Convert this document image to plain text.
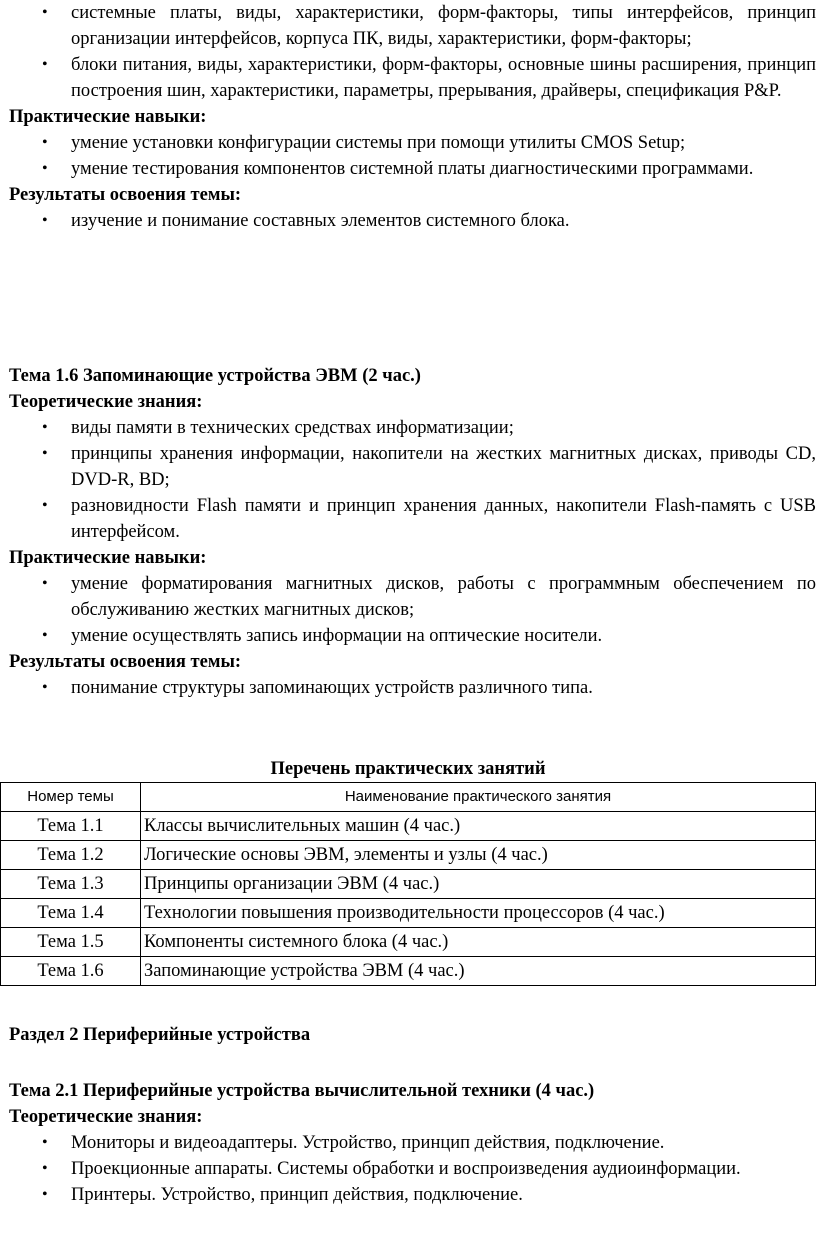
• системные платы, виды, характеристики, форм-факторы, типы интерфейсов, принцип организации интерфейсов, корпуса ПК, виды, характеристики, форм-факторы;
• блоки питания, виды, характеристики, форм-факторы, основные шины расширения, принцип построения шин, характеристики, параметры, прерывания, драйверы, спецификация P&P.

Практические навыки:

• умение установки конфигурации системы при помощи утилиты CMOS Setup;
• умение тестирования компонентов системной платы диагностическими программами.

Результаты освоения темы:

• изучение и понимание составных элементов системного блока.

Тема 1.6 Запоминающие устройства ЭВМ (2 час.)

Теоретические знания:

• виды памяти в технических средствах информатизации;
• принципы хранения информации, накопители на жестких магнитных дисках, приводы CD, DVD-R, BD;
• разновидности Flash памяти и принцип хранения данных, накопители Flash-память с USB интерфейсом.

Практические навыки:

• умение форматирования магнитных дисков, работы с программным обеспечением по обслуживанию жестких магнитных дисков;
• умение осуществлять запись информации на оптические носители.

Результаты освоения темы:

• понимание структуры запоминающих устройств различного типа.

Перечень практических занятий

Номер темы	Наименование практического занятия
Тема 1.1	Классы вычислительных машин (4 час.)
Тема 1.2	Логические основы ЭВМ, элементы и узлы (4 час.)
Тема 1.3	Принципы организации ЭВМ (4 час.)
Тема 1.4	Технологии повышения производительности процессоров (4 час.)
Тема 1.5	Компоненты системного блока (4 час.)
Тема 1.6	Запоминающие устройства ЭВМ (4 час.)

Раздел 2 Периферийные устройства

Тема 2.1 Периферийные устройства вычислительной техники (4 час.)

Теоретические знания:

• Мониторы и видеоадаптеры. Устройство, принцип действия, подключение.
• Проекционные аппараты. Системы обработки и воспроизведения аудиоинформации.
• Принтеры. Устройство, принцип действия, подключение.
